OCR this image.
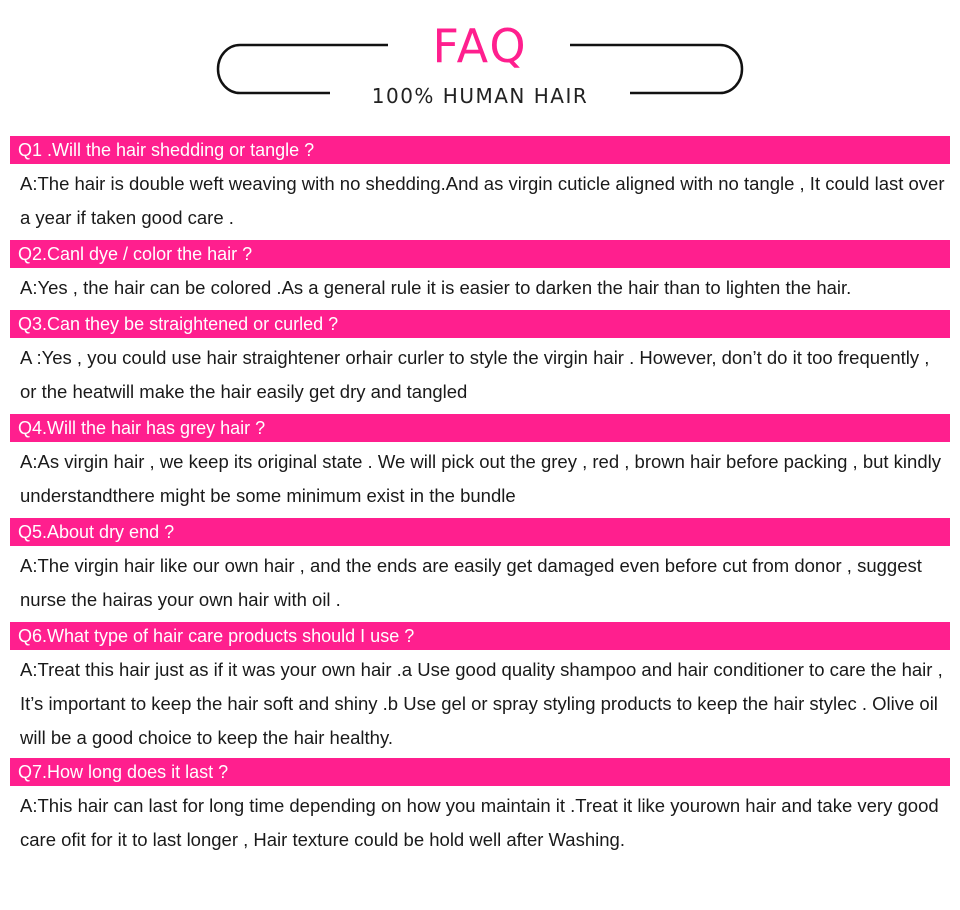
FAQ
100% HUMAN HAIR
Q1 .Will the hair shedding or tangle ?
A:The hair is double weft weaving with no shedding.And as virgin cuticle aligned with no tangle , It could last over a year if taken good care .
Q2.Canl dye / color the hair ?
A:Yes , the hair can be colored .As a general rule it is easier to darken the hair than to lighten the hair.
Q3.Can they be straightened or curled ?
A :Yes , you could use hair straightener orhair curler to style the virgin hair . However, don’t do it too frequently , or the heatwill make the hair easily get dry and tangled
Q4.Will the hair has grey hair ?
A:As virgin hair , we keep its original state . We will pick out the grey , red , brown hair before packing , but kindly understandthere might be some minimum exist in the bundle
Q5.About dry end ?
A:The virgin hair like our own hair , and the ends are easily get damaged even before cut from donor , suggest nurse the hairas your own hair with oil .
Q6.What type of hair care products should I use ?
A:Treat this hair just as if it was your own hair .a Use good quality shampoo and hair conditioner to care the hair , It’s important to keep the hair soft and shiny .b Use gel or spray styling products to keep the hair stylec . Olive oil will be a good choice to keep the hair healthy.
Q7.How long does it last ?
A:This hair can last for long time depending on how you maintain it .Treat it like yourown hair and take very good care ofit for it to last longer , Hair texture could be hold well after Washing.
